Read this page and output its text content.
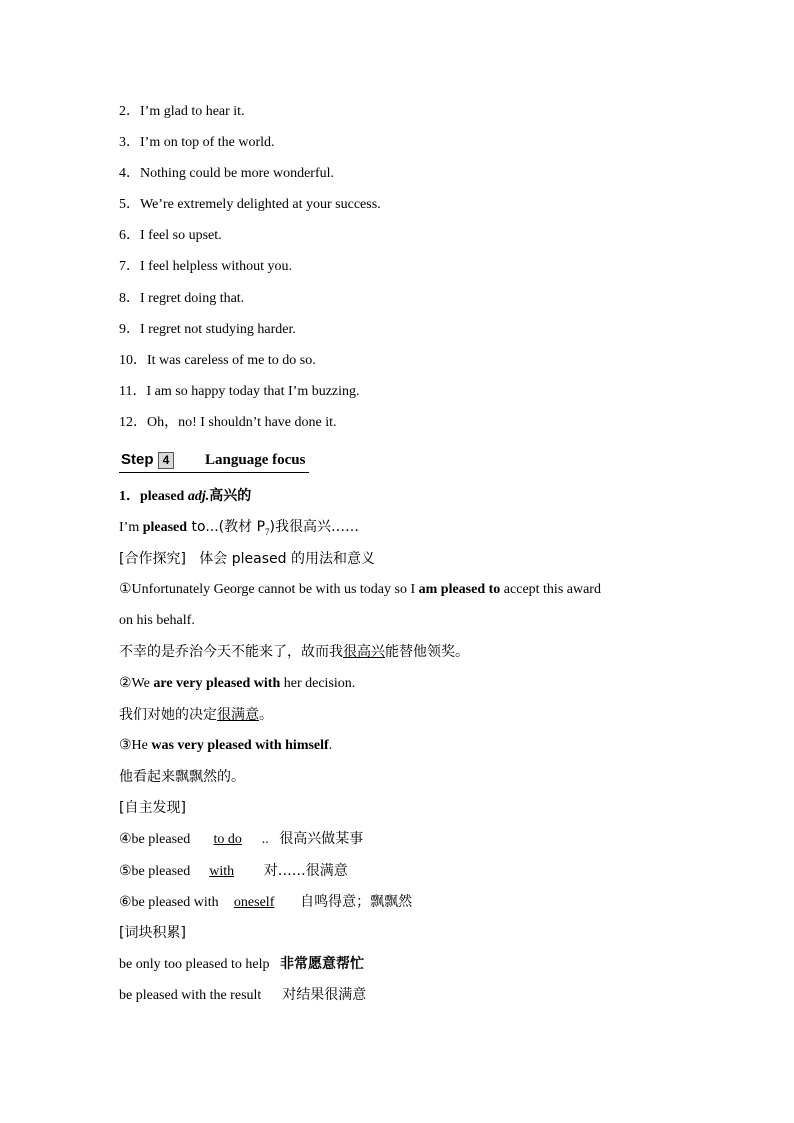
2．I’m glad to hear it.
3．I’m on top of the world.
4．Nothing could be more wonderful.
5．We’re extremely delighted at your success.
6．I feel so upset.
7．I feel helpless without you.
8．I regret doing that.
9．I regret not studying harder.
10．It was careless of me to do so.
11．I am so happy today that I’m buzzing.
12．Oh，no! I shouldn’t have done it.
Step 4	Language focus
1．pleased adj.高兴的
I’m pleased to...(教材 $P_7$)我很高兴……
[合作探究] 体会 pleased 的用法和意义
①Unfortunately George cannot be with us today so I am pleased to accept this award
on his behalf.
不幸的是乔治今天不能来了，故而我很高兴能替他领奖。
②We are very pleased with her decision.
我们对她的决定很满意。
③He was very pleased with himself.
他看起来飘飘然的。
[自主发现]
④be pleased to do .. 很高兴做某事
⑤be pleased with 对……很满意
⑥be pleased with oneself 自鸣得意；飘飘然
[词块积累]
be only too pleased to help 非常愿意帮忙
be pleased with the result 对结果很满意
